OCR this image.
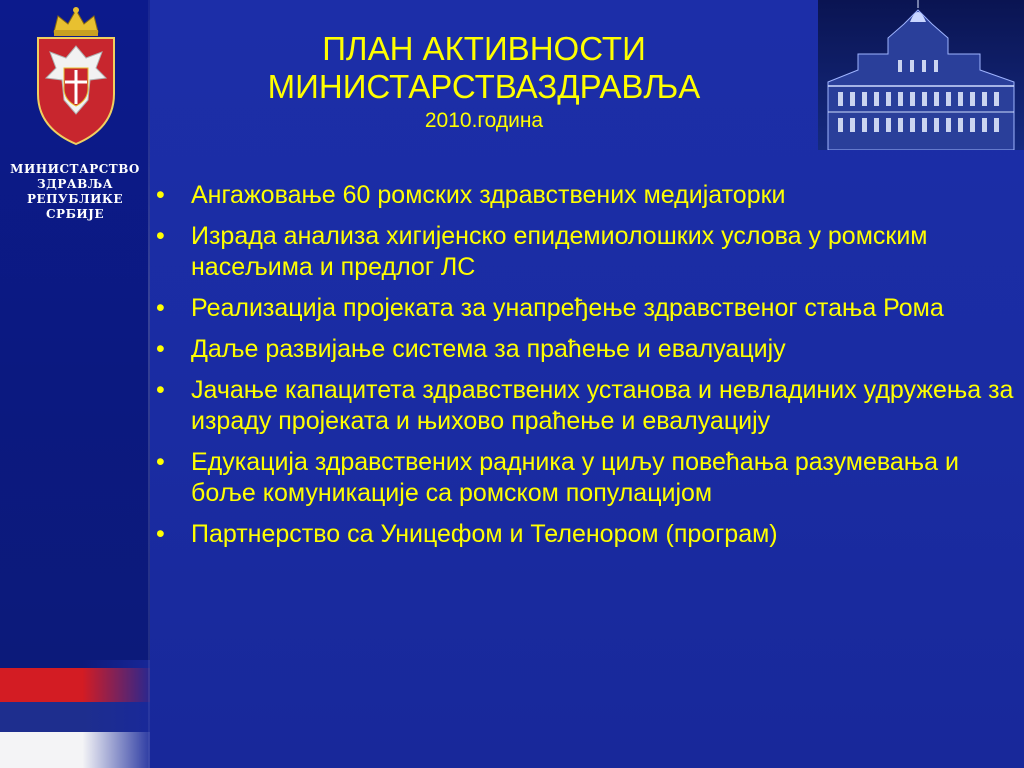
МИНИСТАРСТВО
ЗДРАВЉА
РЕПУБЛИКЕ
СРБИЈЕ
ПЛАН АКТИВНОСТИ
МИНИСТАРСТВАЗДРАВЉА
2010.година
• Ангажовање 60 ромских здравствених медијаторки
• Израда анализа хигијенско епидемиолошких услова у ромским насељима и предлог ЛС
• Реализација пројеката за унапређење здравственог стања Рома
• Даље развијање система за праћење и евалуацију
• Јачање капацитета здравствених установа и невладиних удружења за израду пројеката и њихово праћење и евалуацију
• Едукација здравствених радника у циљу повећања разумевања и боље комуникације са ромском популацијом
• Партнерство са Уницефом и Теленором (програм)
